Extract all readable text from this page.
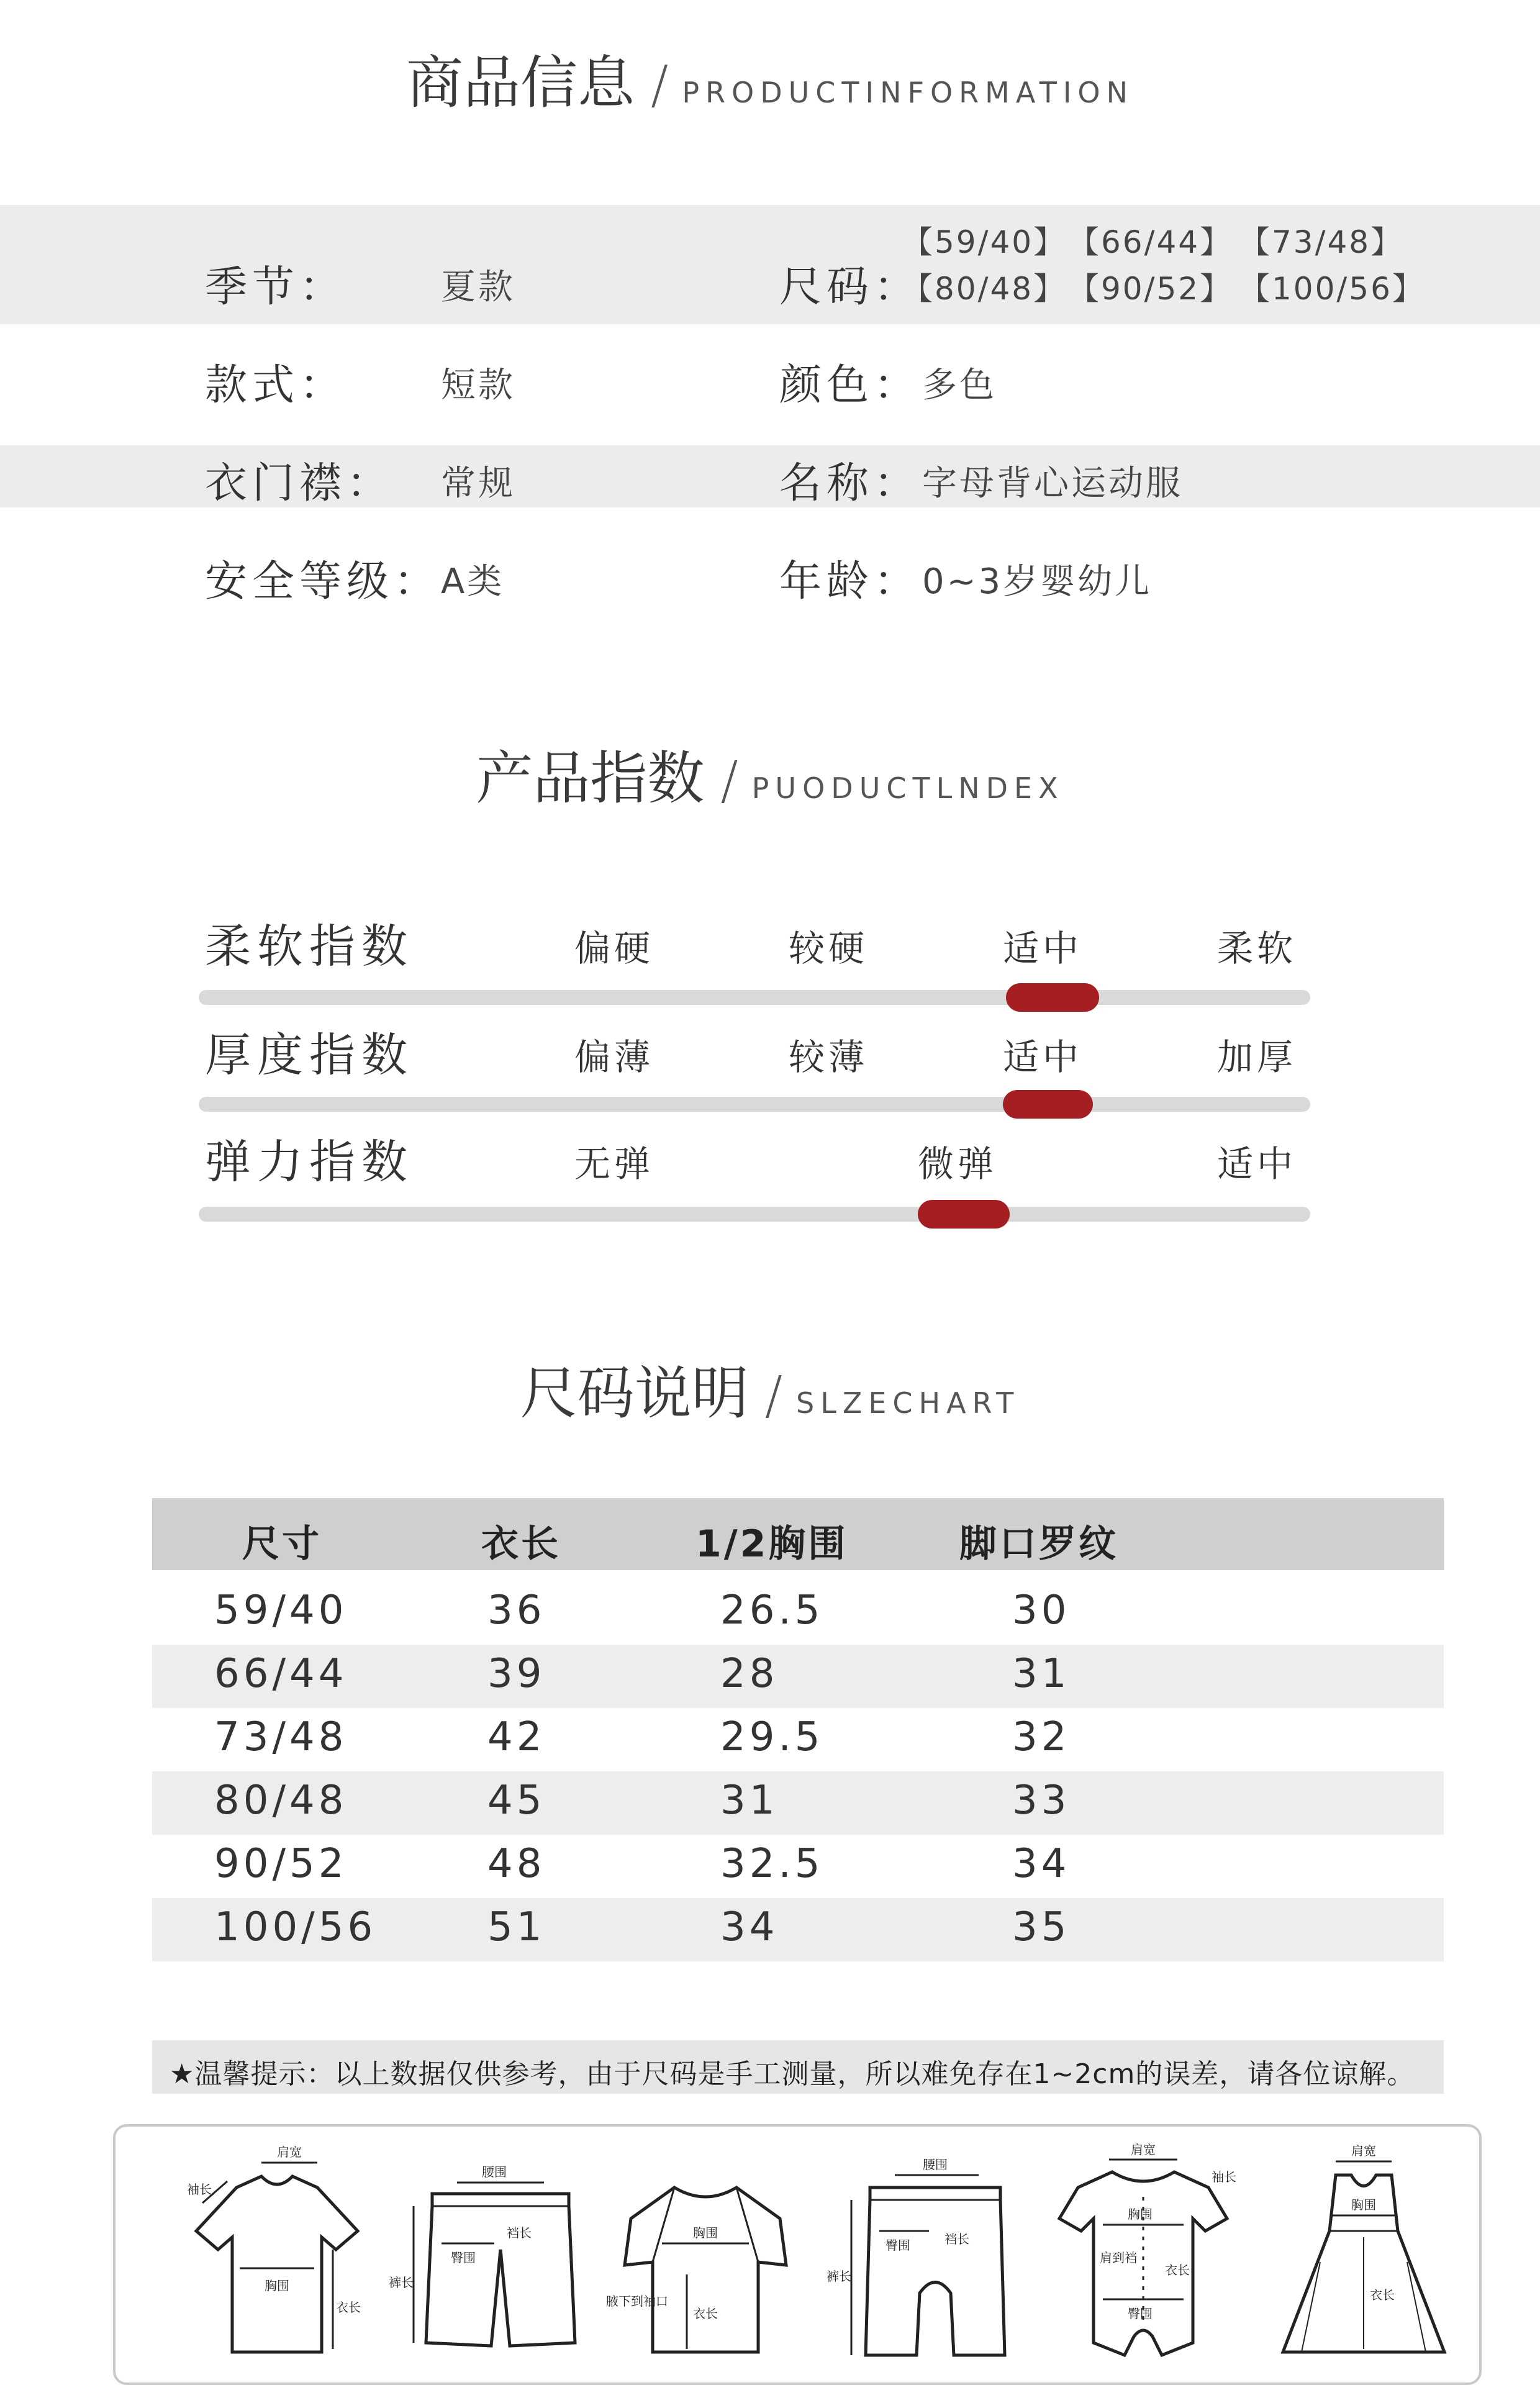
商品信息 / PRODUCTINFORMATION
季节：	夏款	尺码：
【59/40】 【66/44】 【73/48】
【80/48】 【90/52】 【100/56】
款式：	短款	颜色： 多色
衣门襟： 常规	名称： 字母背心运动服
安全等级： A类	年龄： 0~3岁婴幼儿
产品指数 / PUODUCTLNDEX
柔软指数	偏硬	较硬	适中	柔软
厚度指数	偏薄	较薄	适中	加厚
弹力指数	无弹	微弹	适中
尺码说明 / SLZECHART
尺寸	衣长	1/2胸围	脚口罗纹
59/40	36	26.5	30
66/44	39	28	31
73/48	42	29.5	32
80/48	45	31	33
90/52	48	32.5	34
100/56	51	34	35
★温馨提示：以上数据仅供参考，由于尺码是手工测量，所以难免存在1~2cm的误差，请各位谅解。
肩宽
袖长
胸围
衣长
腰围
臀围
裆长
裤长
胸围
衣长
腋下到袖口
腰围
臀围	裆长
裤长
肩宽
袖长
胸围
衣长
臀围
肩到裆
肩宽
胸围
衣长
